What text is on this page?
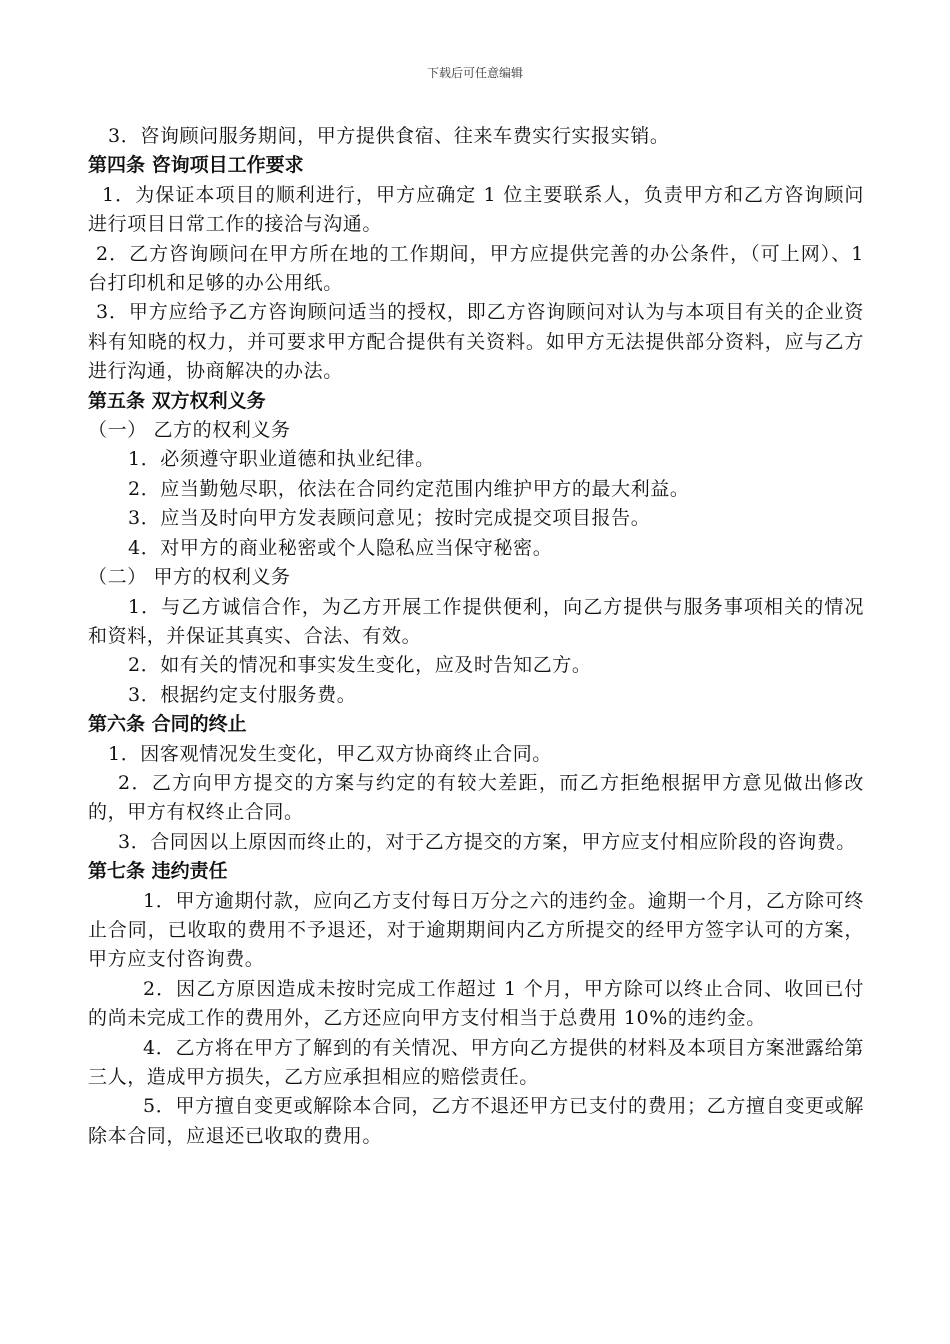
下载后可任意编辑

3．咨询顾问服务期间，甲方提供食宿、往来车费实行实报实销。

第四条 咨询项目工作要求

1．为保证本项目的顺利进行，甲方应确定 1 位主要联系人，负责甲方和乙方咨询顾问进行项目日常工作的接洽与沟通。

2．乙方咨询顾问在甲方所在地的工作期间，甲方应提供完善的办公条件，（可上网）、1 台打印机和足够的办公用纸。

3．甲方应给予乙方咨询顾问适当的授权，即乙方咨询顾问对认为与本项目有关的企业资料有知晓的权力，并可要求甲方配合提供有关资料。如甲方无法提供部分资料，应与乙方进行沟通，协商解决的办法。

第五条 双方权利义务

（一） 乙方的权利义务

1．必须遵守职业道德和执业纪律。

2．应当勤勉尽职，依法在合同约定范围内维护甲方的最大利益。

3．应当及时向甲方发表顾问意见；按时完成提交项目报告。

4．对甲方的商业秘密或个人隐私应当保守秘密。

（二） 甲方的权利义务

1．与乙方诚信合作，为乙方开展工作提供便利，向乙方提供与服务事项相关的情况和资料，并保证其真实、合法、有效。

2．如有关的情况和事实发生变化，应及时告知乙方。

3．根据约定支付服务费。

第六条 合同的终止

1．因客观情况发生变化，甲乙双方协商终止合同。

2．乙方向甲方提交的方案与约定的有较大差距，而乙方拒绝根据甲方意见做出修改的，甲方有权终止合同。

3．合同因以上原因而终止的，对于乙方提交的方案，甲方应支付相应阶段的咨询费。

第七条 违约责任

1．甲方逾期付款，应向乙方支付每日万分之六的违约金。逾期一个月，乙方除可终止合同，已收取的费用不予退还，对于逾期期间内乙方所提交的经甲方签字认可的方案，甲方应支付咨询费。

2．因乙方原因造成未按时完成工作超过 1 个月，甲方除可以终止合同、收回已付的尚未完成工作的费用外，乙方还应向甲方支付相当于总费用 10%的违约金。

4．乙方将在甲方了解到的有关情况、甲方向乙方提供的材料及本项目方案泄露给第三人，造成甲方损失，乙方应承担相应的赔偿责任。

5．甲方擅自变更或解除本合同，乙方不退还甲方已支付的费用；乙方擅自变更或解除本合同，应退还已收取的费用。
